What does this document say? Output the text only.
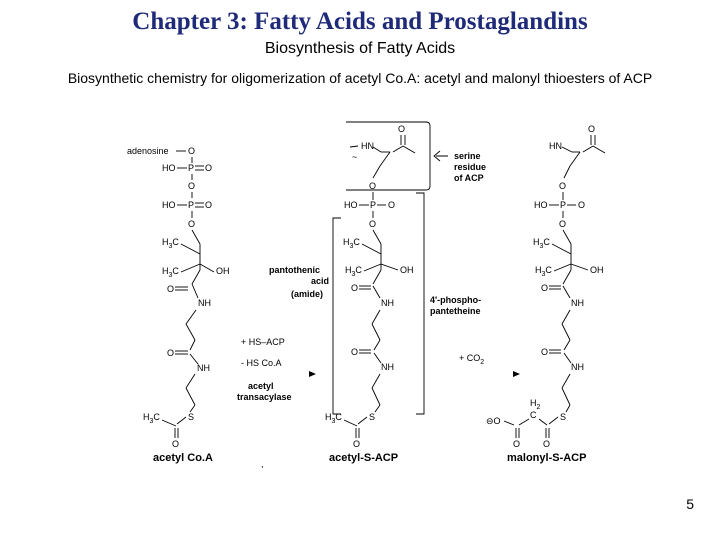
Chapter 3: Fatty Acids and Prostaglandins
Biosynthesis of Fatty Acids
Biosynthetic chemistry for oligomerization of acetyl Co.A: acetyl and malonyl thioesters of ACP
adenosine O
HO P O
O
HO P O
O
$H_3C$
$H_3C$	OH
O
NH
O
NH
S
$H_3C$
O
acetyl Co.A
pantothenic
acid
(amide)
+ HS–ACP
- HS Co.A
acetyl
transacylase
,
O
HN
~
O
serine
residue
of ACP
HO P O
O
$H_3C$
$H_3C$	OH
O
NH
O
NH
S
$H_3C$
O
acetyl-S-ACP
4'-phospho-
pantetheine
+ $CO_2$
O
HN
O
HO P O
O
$H_3C$
$H_3C$	OH
O
NH
O
NH
S
$H_2$
C
O
O
⊖O
malonyl-S-ACP
5
